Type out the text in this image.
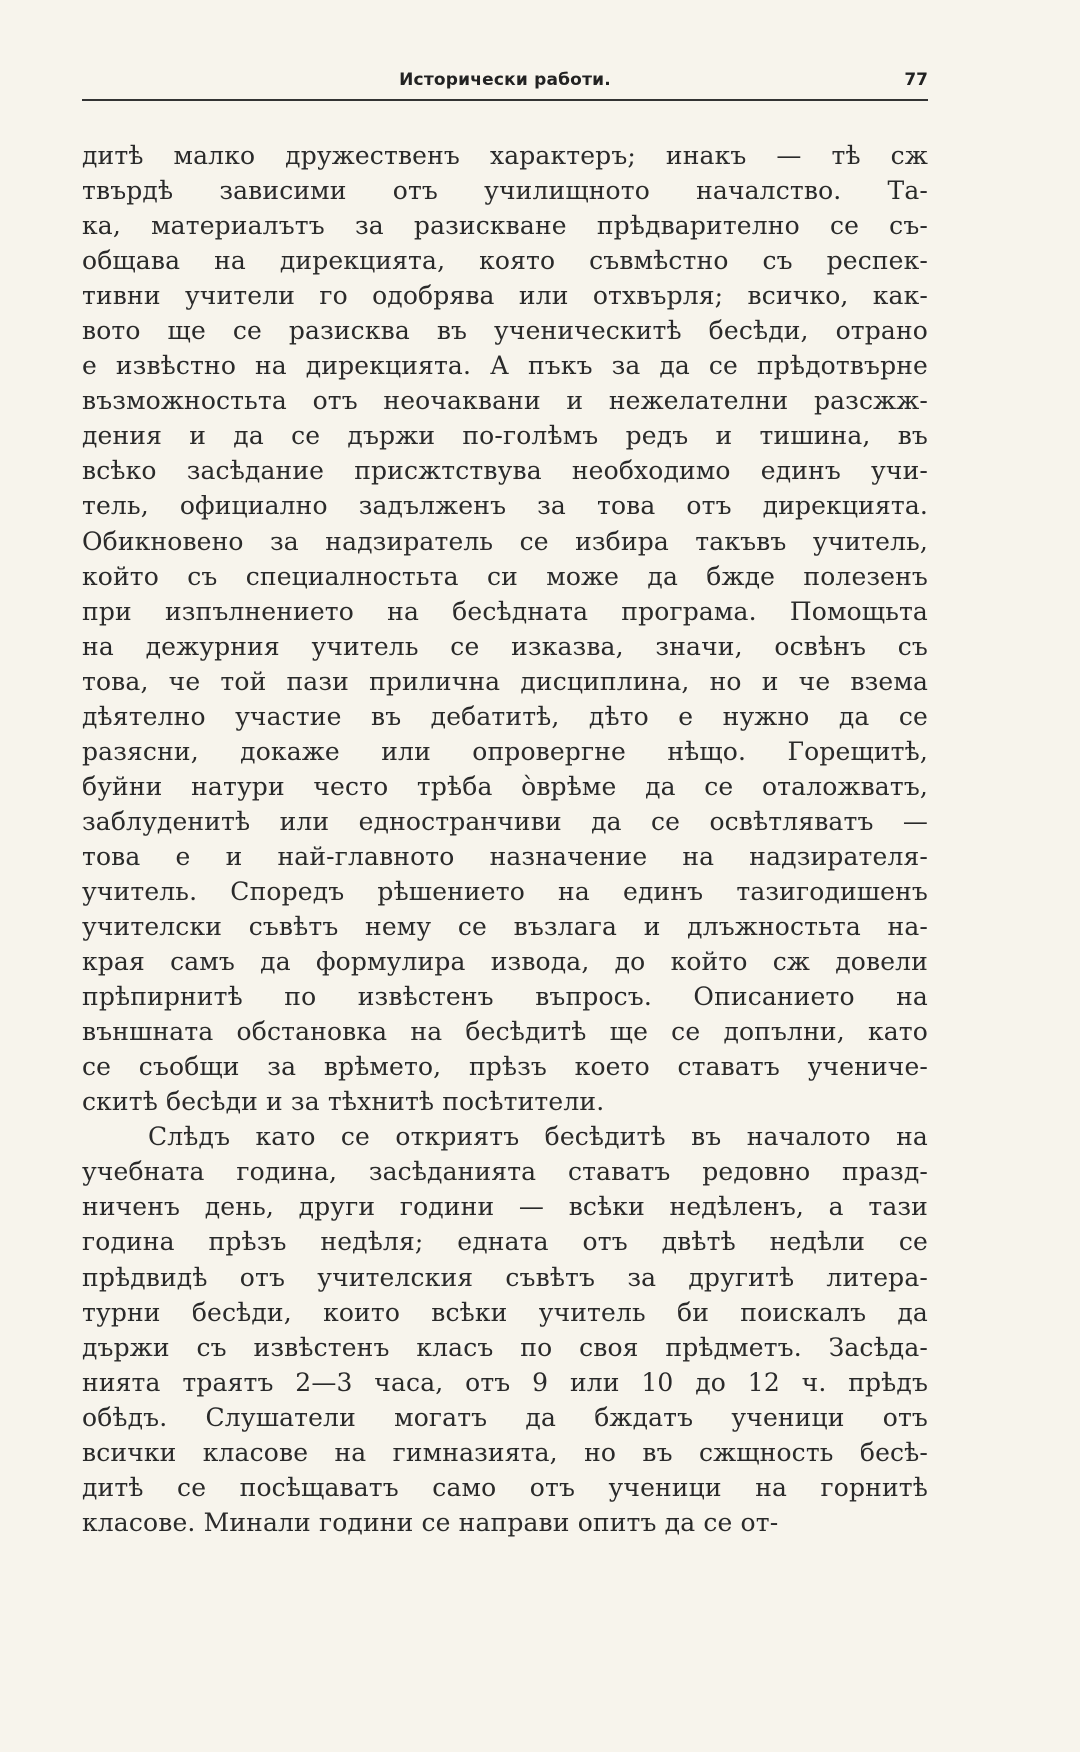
Исторически работи.	77
дитѣ малко дружественъ характеръ; инакъ — тѣ сж
твърдѣ зависими отъ училищното началство. Та-
ка, материалътъ за разискване прѣдварително се съ-
общава на дирекцията, която съвмѣстно съ респек-
тивни учители го одобрява или отхвърля; всичко, как-
вото ще се разисква въ ученическитѣ бесѣди, отрано
е извѣстно на дирекцията. А пъкъ за да се прѣдотвърне
възможностьта отъ неочаквани и нежелателни разсжж-
дения и да се държи по-голѣмъ редъ и тишина, въ
всѣко засѣдание присжтствува необходимо единъ учи-
тель, официално задълженъ за това отъ дирекцията.
Обикновено за надзиратель се избира такъвъ учитель,
който съ специалностьта си може да бжде полезенъ
при изпълнението на бесѣдната програма. Помощьта
на дежурния учитель се изказва, значи, освѣнъ съ
това, че той пази прилична дисциплина, но и че взема
дѣятелно участие въ дебатитѣ, дѣто е нужно да се
разясни, докаже или опровергне нѣщо. Горещитѣ,
буйни натури често трѣба òврѣме да се оталожватъ,
заблуденитѣ или едностранчиви да се освѣтляватъ —
това е и най-главното назначение на надзирателя-
учитель. Споредъ рѣшението на единъ тазигодишенъ
учителски съвѣтъ нему се възлага и длъжностьта на-
края самъ да формулира извода, до който сж довели
прѣпирнитѣ по извѣстенъ въпросъ. Описанието на
външната обстановка на бесѣдитѣ ще се допълни, като
се съобщи за врѣмето, прѣзъ което ставатъ учениче-
скитѣ бесѣди и за тѣхнитѣ посѣтители.
Слѣдъ като се откриятъ бесѣдитѣ въ началото на
учебната година, засѣданията ставатъ редовно празд-
ниченъ день, други години — всѣки недѣленъ, а тази
година прѣзъ недѣля; едната отъ двѣтѣ недѣли се
прѣдвидѣ отъ учителския съвѣтъ за другитѣ литера-
турни бесѣди, които всѣки учитель би поискалъ да
държи съ извѣстенъ класъ по своя прѣдметъ. Засѣда-
нията траятъ 2—3 часа, отъ 9 или 10 до 12 ч. прѣдъ
обѣдъ. Слушатели могатъ да бждатъ ученици отъ
всички класове на гимназията, но въ сжщность бесѣ-
дитѣ се посѣщаватъ само отъ ученици на горнитѣ
класове. Минали години се направи опитъ да се от-
